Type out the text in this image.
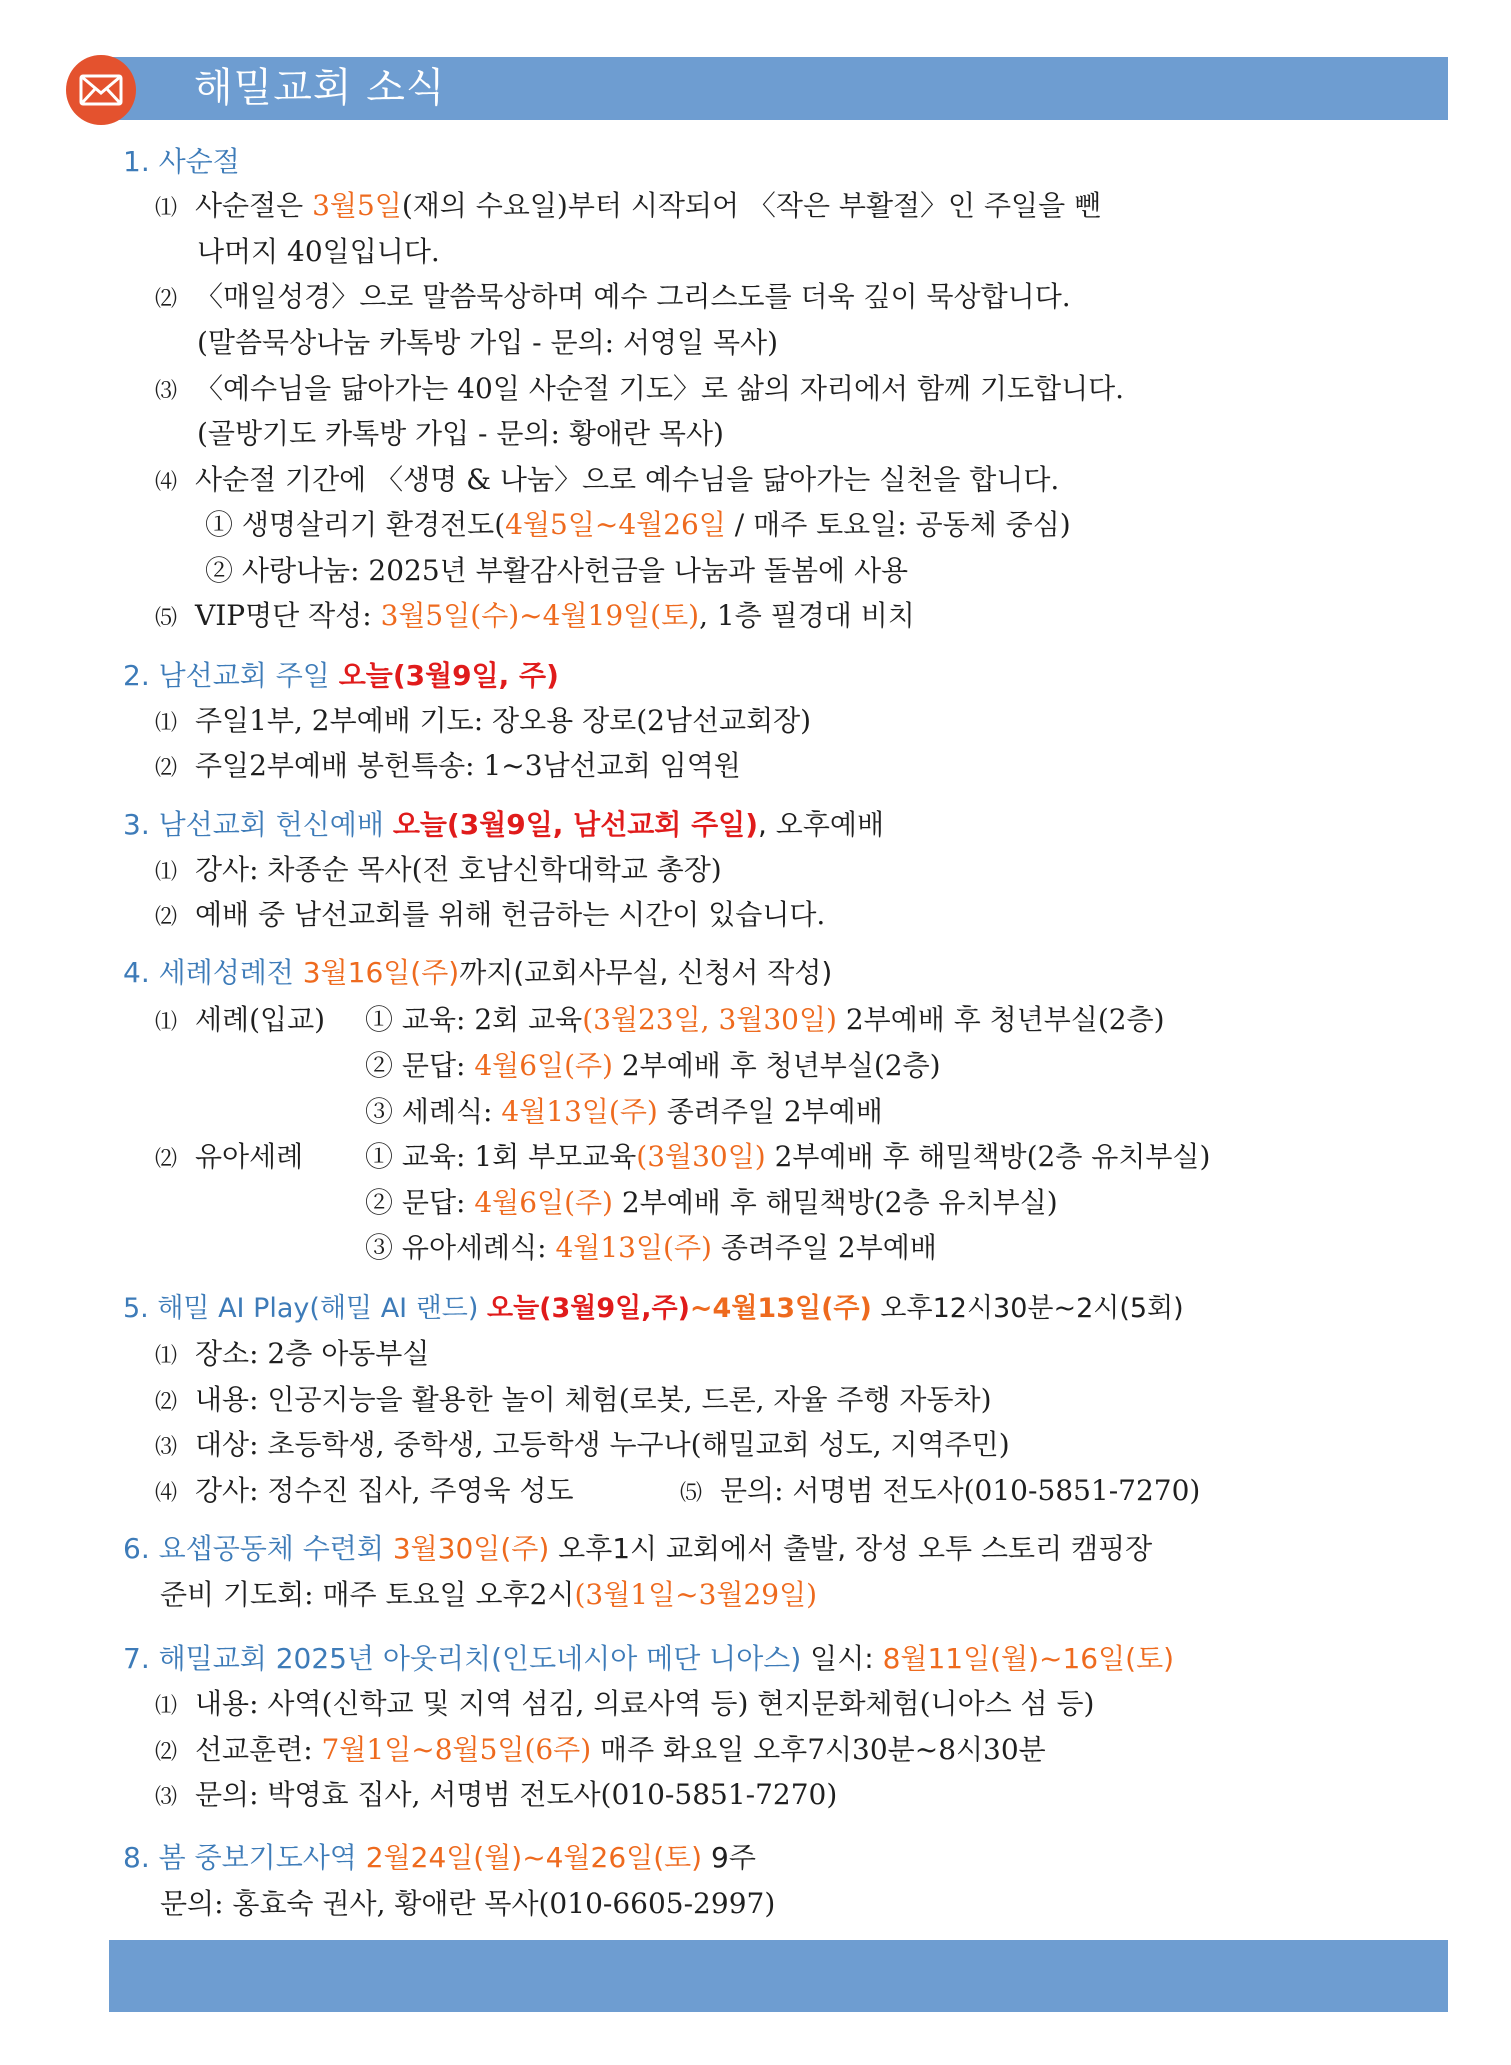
해밀교회 소식
1. 사순절
⑴ 사순절은 3월5일(재의 수요일)부터 시작되어 〈작은 부활절〉인 주일을 뺀
나머지 40일입니다.
⑵ 〈매일성경〉으로 말씀묵상하며 예수 그리스도를 더욱 깊이 묵상합니다.
(말씀묵상나눔 카톡방 가입 - 문의: 서영일 목사)
⑶ 〈예수님을 닮아가는 40일 사순절 기도〉로 삶의 자리에서 함께 기도합니다.
(골방기도 카톡방 가입 - 문의: 황애란 목사)
⑷ 사순절 기간에 〈생명 & 나눔〉으로 예수님을 닮아가는 실천을 합니다.
① 생명살리기 환경전도(4월5일~4월26일 / 매주 토요일: 공동체 중심)
② 사랑나눔: 2025년 부활감사헌금을 나눔과 돌봄에 사용
⑸ VIP명단 작성: 3월5일(수)~4월19일(토), 1층 필경대 비치
2. 남선교회 주일 오늘(3월9일, 주)
⑴ 주일1부, 2부예배 기도: 장오용 장로(2남선교회장)
⑵ 주일2부예배 봉헌특송: 1~3남선교회 임역원
3. 남선교회 헌신예배 오늘(3월9일, 남선교회 주일), 오후예배
⑴ 강사: 차종순 목사(전 호남신학대학교 총장)
⑵ 예배 중 남선교회를 위해 헌금하는 시간이 있습니다.
4. 세례성례전 3월16일(주)까지(교회사무실, 신청서 작성)
⑴ 세례(입교) ① 교육: 2회 교육(3월23일, 3월30일) 2부예배 후 청년부실(2층)
② 문답: 4월6일(주) 2부예배 후 청년부실(2층)
③ 세례식: 4월13일(주) 종려주일 2부예배
⑵ 유아세례 ① 교육: 1회 부모교육(3월30일) 2부예배 후 해밀책방(2층 유치부실)
② 문답: 4월6일(주) 2부예배 후 해밀책방(2층 유치부실)
③ 유아세례식: 4월13일(주) 종려주일 2부예배
5. 해밀 AI Play(해밀 AI 랜드) 오늘(3월9일,주)~4월13일(주) 오후12시30분~2시(5회)
⑴ 장소: 2층 아동부실
⑵ 내용: 인공지능을 활용한 놀이 체험(로봇, 드론, 자율 주행 자동차)
⑶ 대상: 초등학생, 중학생, 고등학생 누구나(해밀교회 성도, 지역주민)
⑷ 강사: 정수진 집사, 주영욱 성도	⑸ 문의: 서명범 전도사(010-5851-7270)
6. 요셉공동체 수련회 3월30일(주) 오후1시 교회에서 출발, 장성 오투 스토리 캠핑장
준비 기도회: 매주 토요일 오후2시(3월1일~3월29일)
7. 해밀교회 2025년 아웃리치(인도네시아 메단 니아스) 일시: 8월11일(월)~16일(토)
⑴ 내용: 사역(신학교 및 지역 섬김, 의료사역 등) 현지문화체험(니아스 섬 등)
⑵ 선교훈련: 7월1일~8월5일(6주) 매주 화요일 오후7시30분~8시30분
⑶ 문의: 박영효 집사, 서명범 전도사(010-5851-7270)
8. 봄 중보기도사역 2월24일(월)~4월26일(토) 9주
문의: 홍효숙 권사, 황애란 목사(010-6605-2997)
